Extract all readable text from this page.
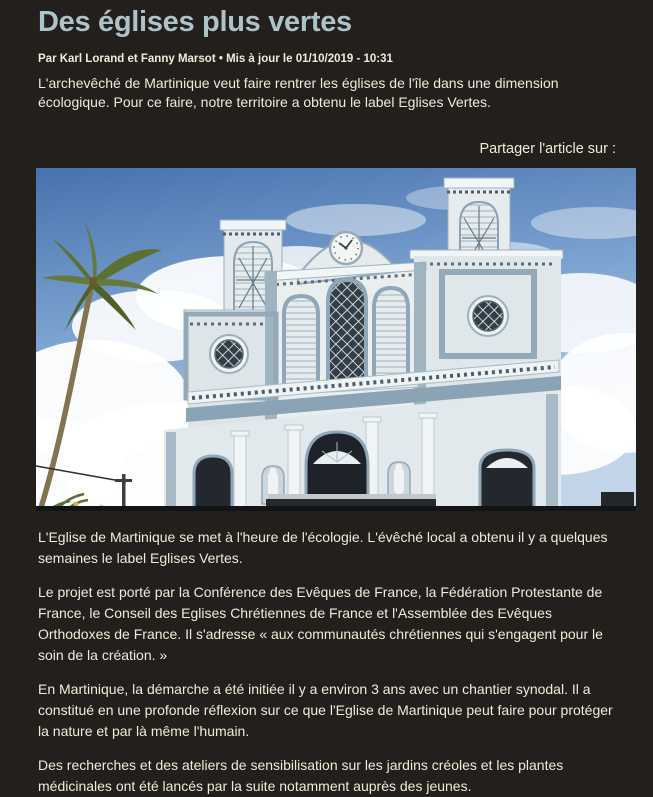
Des églises plus vertes
Par Karl Lorand et Fanny Marsot • Mis à jour le 01/10/2019 - 10:31

L'archevêché de Martinique veut faire rentrer les églises de l'île dans une dimension écologique. Pour ce faire, notre territoire a obtenu le label Eglises Vertes.

Partager l'article sur :

L'Eglise de Martinique se met à l'heure de l'écologie. L'évêché local a obtenu il y a quelques semaines le label Eglises Vertes.

Le projet est porté par la Conférence des Evêques de France, la Fédération Protestante de France, le Conseil des Eglises Chrétiennes de France et l'Assemblée des Evêques Orthodoxes de France. Il s'adresse « aux communautés chrétiennes qui s'engagent pour le soin de la création. »

En Martinique, la démarche a été initiée il y a environ 3 ans avec un chantier synodal. Il a constitué en une profonde réflexion sur ce que l'Eglise de Martinique peut faire pour protéger la nature et par là même l'humain.

Des recherches et des ateliers de sensibilisation sur les jardins créoles et les plantes médicinales ont été lancés par la suite notamment auprès des jeunes.
